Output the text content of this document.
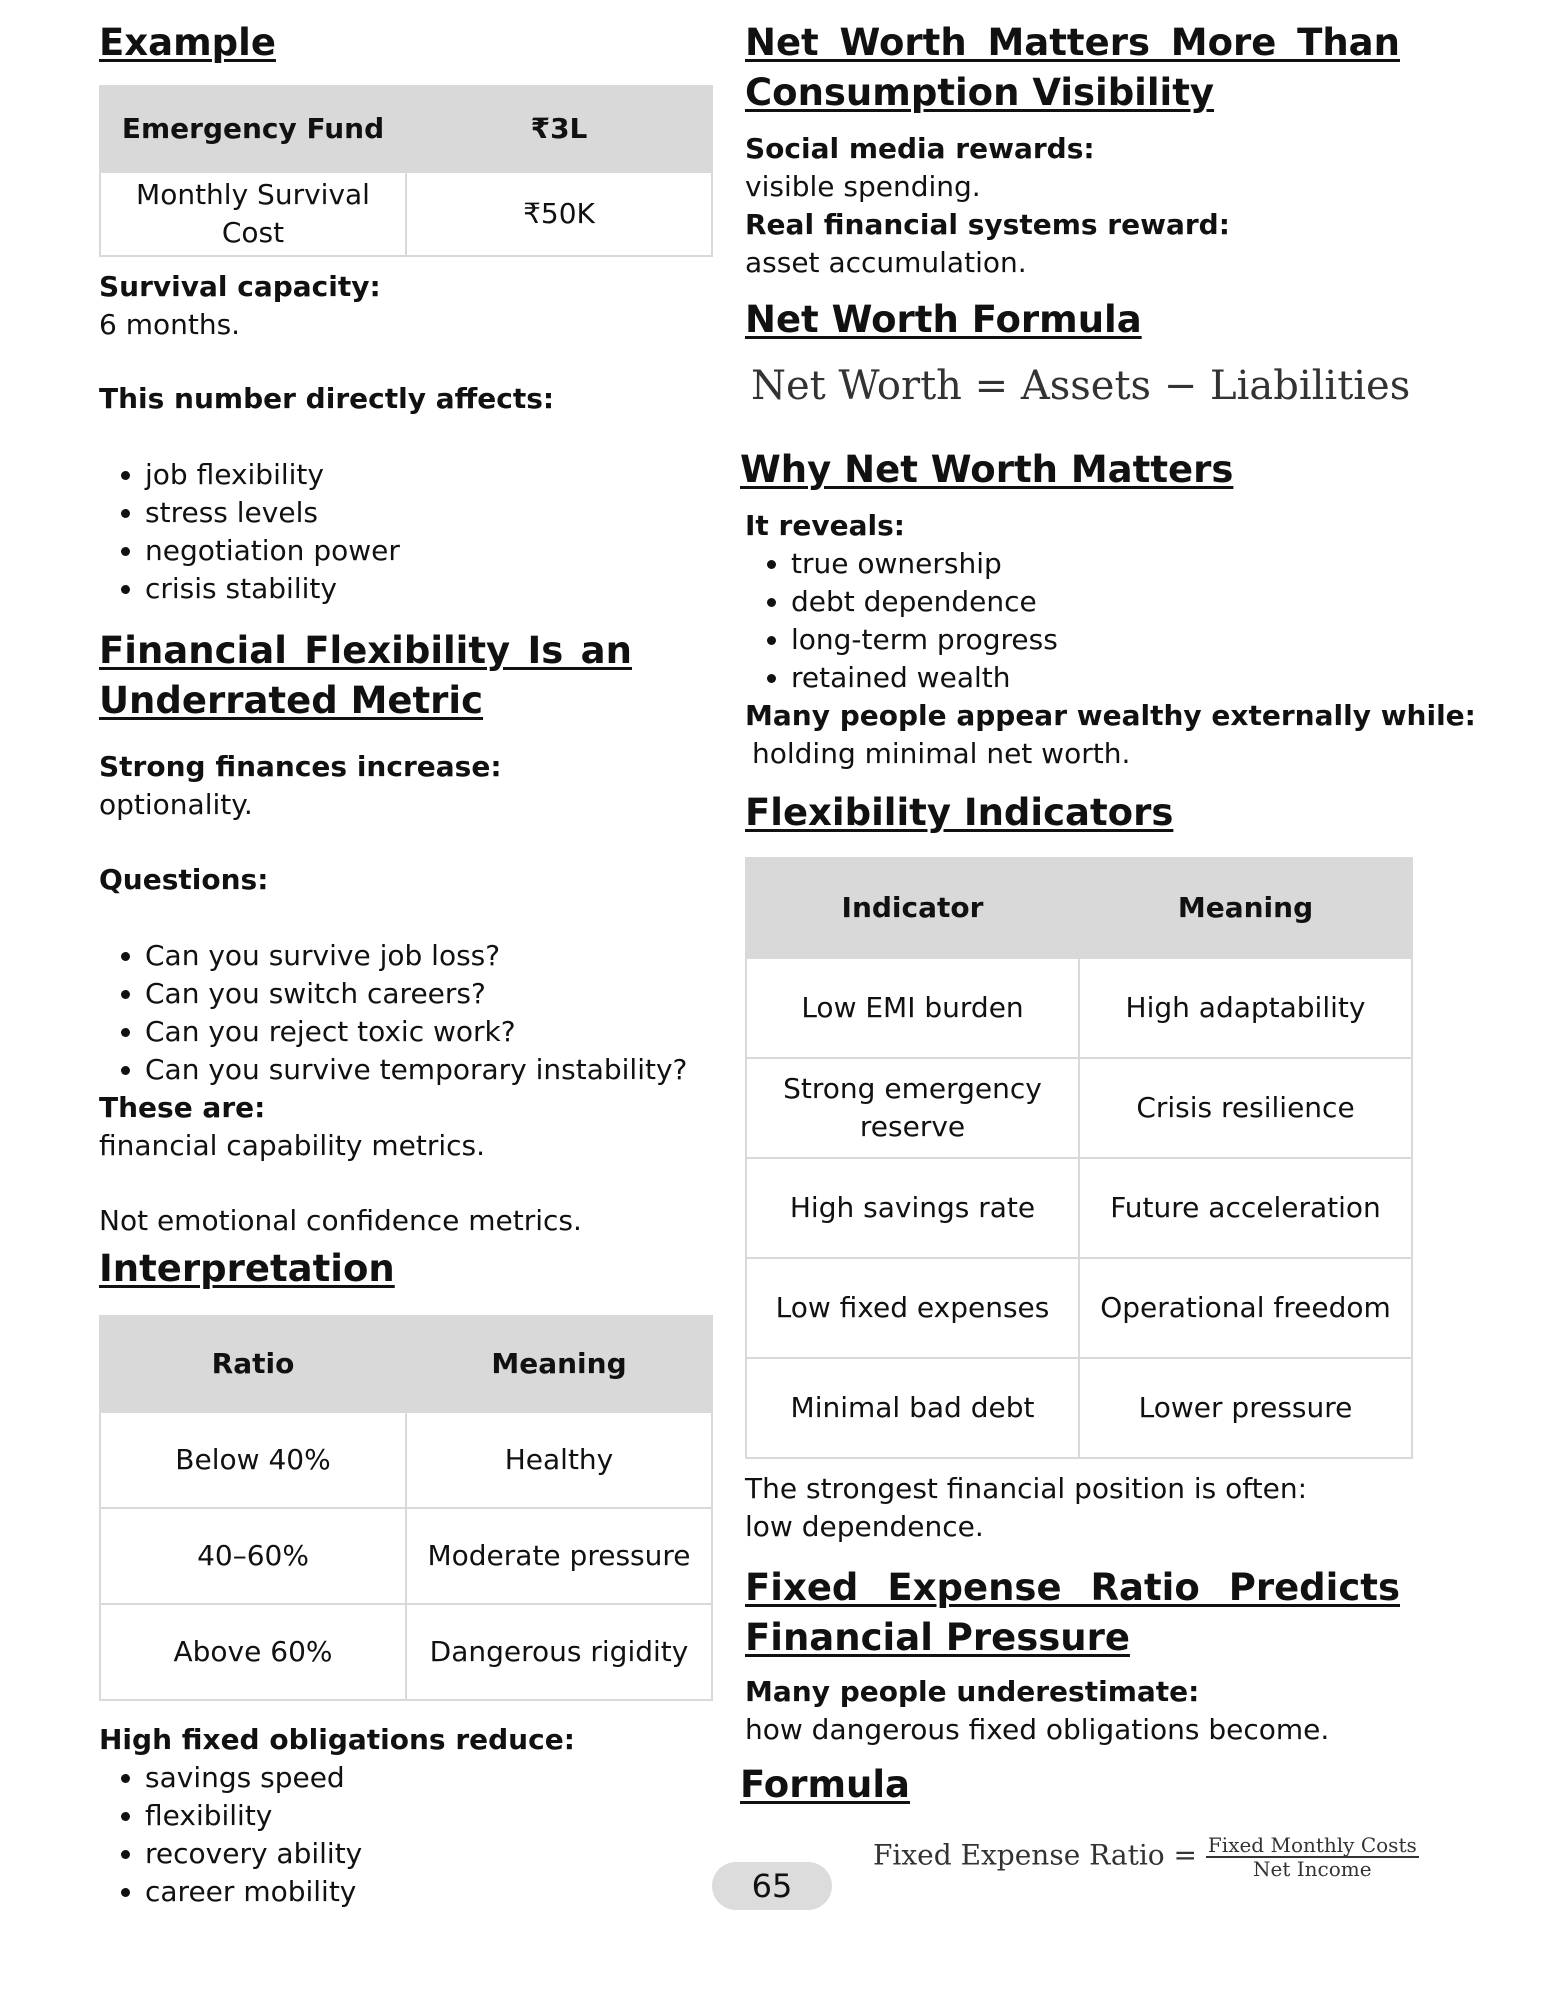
Example
Emergency Fund	₹3L
Monthly Survival Cost	₹50K

Survival capacity:

6 months.

This number directly affects:

• job flexibility
• stress levels
• negotiation power
• crisis stability
Financial Flexibility Is an
Underrated Metric

Strong finances increase:

optionality.

Questions:

• Can you survive job loss?
• Can you switch careers?
• Can you reject toxic work?
• Can you survive temporary instability?

These are:

financial capability metrics.

Not emotional confidence metrics.

Interpretation
Ratio	Meaning
Below 40%	Healthy
40–60%	Moderate pressure
Above 60%	Dangerous rigidity

High fixed obligations reduce:

• savings speed
• flexibility
• recovery ability
• career mobility
Net Worth Matters More Than
Consumption Visibility

Social media rewards:

visible spending.

Real financial systems reward:

asset accumulation.

Net Worth Formula
Net Worth = Assets − Liabilities
Why Net Worth Matters

It reveals:

• true ownership
• debt dependence
• long-term progress
• retained wealth

Many people appear wealthy externally while:

holding minimal net worth.

Flexibility Indicators
Indicator	Meaning
Low EMI burden	High adaptability
Strong emergency reserve	Crisis resilience
High savings rate	Future acceleration
Low fixed expenses	Operational freedom
Minimal bad debt	Lower pressure

The strongest financial position is often:

low dependence.

Fixed Expense Ratio Predicts
Financial Pressure

Many people underestimate:

how dangerous fixed obligations become.

Formula
Fixed Expense Ratio = $\frac{\text{Fixed Monthly Costs}}{\text{Net Income}}$
65
